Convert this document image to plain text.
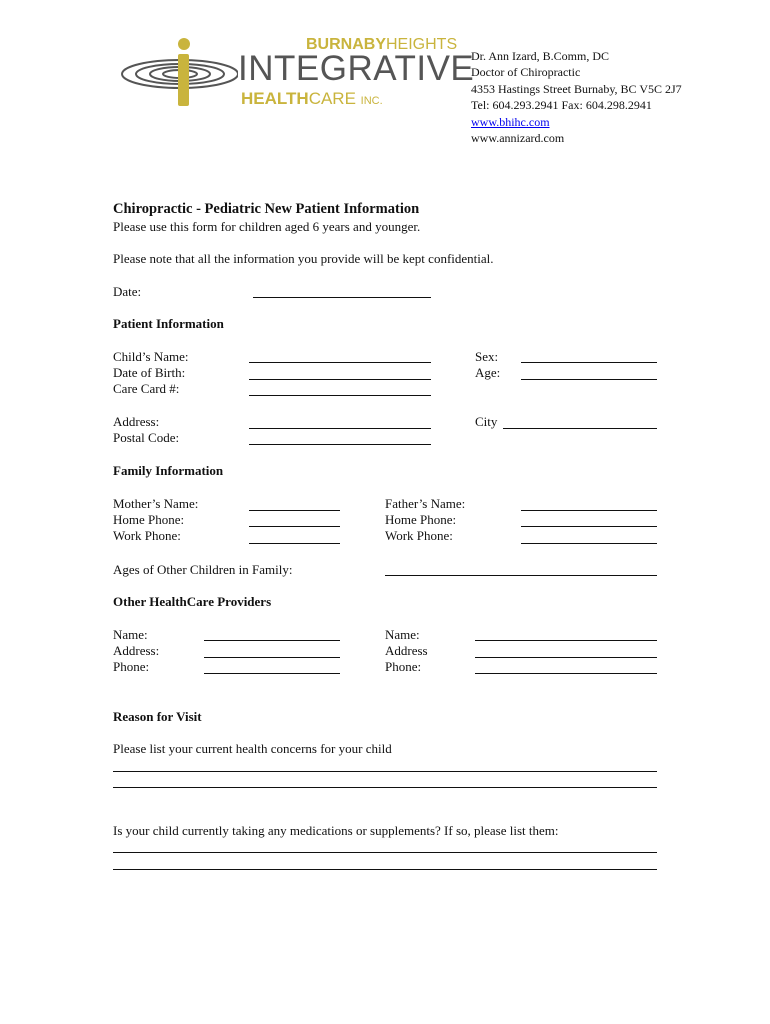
BURNABYHEIGHTS
INTEGRATIVE
HEALTHCARE INC.
Dr. Ann Izard, B.Comm, DC
Doctor of Chiropractic
4353 Hastings Street Burnaby, BC V5C 2J7
Tel: 604.293.2941 Fax: 604.298.2941
www.bhihc.com
www.annizard.com
Chiropractic - Pediatric New Patient Information
Please use this form for children aged 6 years and younger.
Please note that all the information you provide will be kept confidential.
Date:
Patient Information
Child’s Name:
Date of Birth:
Care Card #:
Sex:
Age:
Address:
Postal Code:
City
Family Information
Mother’s Name:
Home Phone:
Work Phone:
Father’s Name:
Home Phone:
Work Phone:
Ages of Other Children in Family:
Other HealthCare Providers
Name:
Address:
Phone:
Name:
Address
Phone:
Reason for Visit
Please list your current health concerns for your child
Is your child currently taking any medications or supplements? If so, please list them:
